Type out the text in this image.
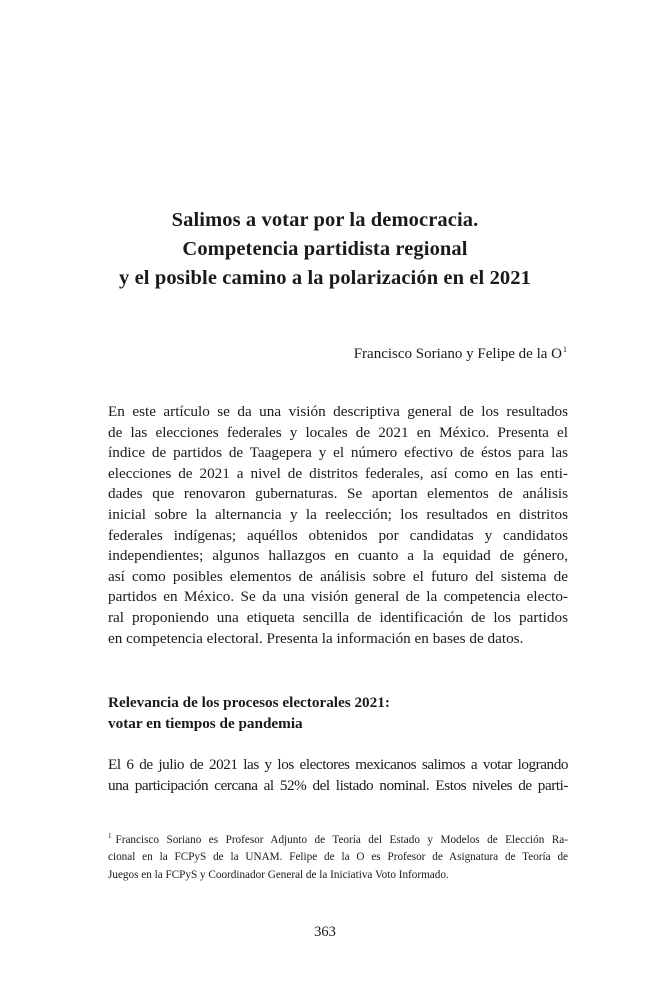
Salimos a votar por la democracia.
Competencia partidista regional
y el posible camino a la polarización en el 2021
Francisco Soriano y Felipe de la $O^1$
En este artículo se da una visión descriptiva general de los resultados
de las elecciones federales y locales de 2021 en México. Presenta el
índice de partidos de Taagepera y el número efectivo de éstos para las
elecciones de 2021 a nivel de distritos federales, así como en las enti-
dades que renovaron gubernaturas. Se aportan elementos de análisis
inicial sobre la alternancia y la reelección; los resultados en distritos
federales indígenas; aquéllos obtenidos por candidatas y candidatos
independientes; algunos hallazgos en cuanto a la equidad de género,
así como posibles elementos de análisis sobre el futuro del sistema de
partidos en México. Se da una visión general de la competencia electo-
ral proponiendo una etiqueta sencilla de identificación de los partidos
en competencia electoral. Presenta la información en bases de datos.
Relevancia de los procesos electorales 2021:
votar en tiempos de pandemia
El 6 de julio de 2021 las y los electores mexicanos salimos a votar logrando
una participación cercana al 52% del listado nominal. Estos niveles de parti-
$^1$ Francisco Soriano es Profesor Adjunto de Teoría del Estado y Modelos de Elección Ra-
cional en la FCPyS de la UNAM. Felipe de la O es Profesor de Asignatura de Teoría de
Juegos en la FCPyS y Coordinador General de la Iniciativa Voto Informado.
363
